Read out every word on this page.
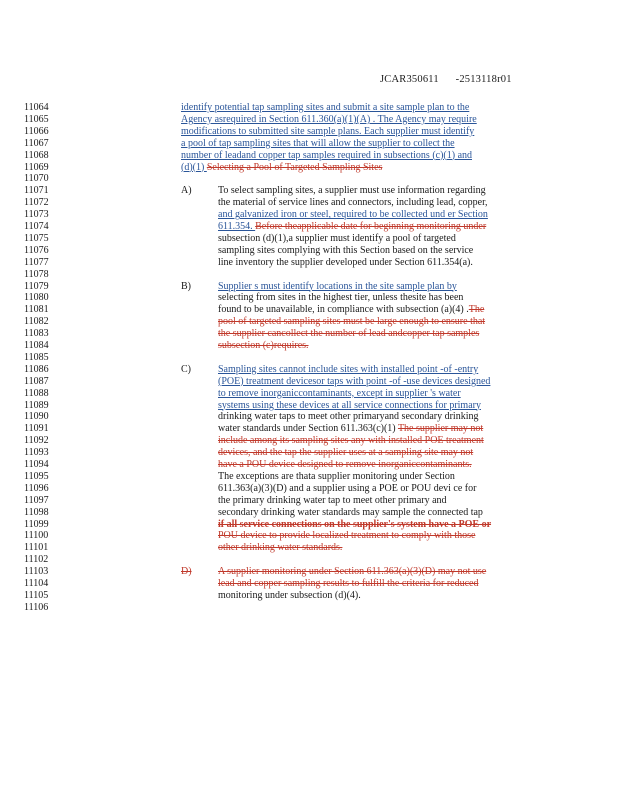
JCAR350611 -2513118r01
11064	identify potential tap sampling sites and submit a site sample plan to the
11065	Agency asrequired in Section 611.360(a)(1)(A) . The Agency may require
11066	modifications to submitted site sample plans. Each supplier must identify
11067	a pool of tap sampling sites that will allow the supplier to collect the
11068	number of leadand copper tap samples required in subsections (c)(1) and
11069	(d)(1) Selecting a Pool of Targeted Sampling Sites
11070
11071	A)	To select sampling sites, a supplier must use information regarding
11072	the material of service lines and connectors, including lead, copper,
11073	and galvanized iron or steel, required to be collected und er Section
11074	611.354. Before theapplicable date for beginning monitoring under
11075	subsection (d)(1),a supplier must identify a pool of targeted
11076	sampling sites complying with this Section based on the service
11077	line inventory the supplier developed under Section 611.354(a).
11078
11079	B)	Supplier s must identify locations in the site sample plan by
11080	selecting from sites in the highest tier, unless thesite has been
11081	found to be unavailable, in compliance with subsection (a)(4) .The
11082	pool of targeted sampling sites must be large enough to ensure that
11083	the supplier cancollect the number of lead andcopper tap samples
11084	subsection (c)requires.
11085
11086	C)	Sampling sites cannot include sites with installed point -of -entry
11087	(POE) treatment devicesor taps with point -of -use devices designed
11088	to remove inorganiccontaminants, except in supplier 's water
11089	systems using these devices at all service connections for primary
11090	drinking water taps to meet other primaryand secondary drinking
11091	water standards under Section 611.363(c)(1) The supplier may not
11092	include among its sampling sites any with installed POE treatment
11093	devices, and the tap the supplier uses at a sampling site may not
11094	have a POU device designed to remove inorganiccontaminants.
11095	The exceptions are thata supplier monitoring under Section
11096	611.363(a)(3)(D) and a supplier using a POE or POU devi ce for
11097	the primary drinking water tap to meet other primary and
11098	secondary drinking water standards may sample the connected tap
11099	if all service connections on the supplier's system have a POE or
11100	POU device to provide localized treatment to comply with those
11101	other drinking water standards.
11102
11103	D)	A supplier monitoring under Section 611.363(a)(3)(D) may not use
11104	lead and copper sampling results to fulfill the criteria for reduced
11105	monitoring under subsection (d)(4).
11106
